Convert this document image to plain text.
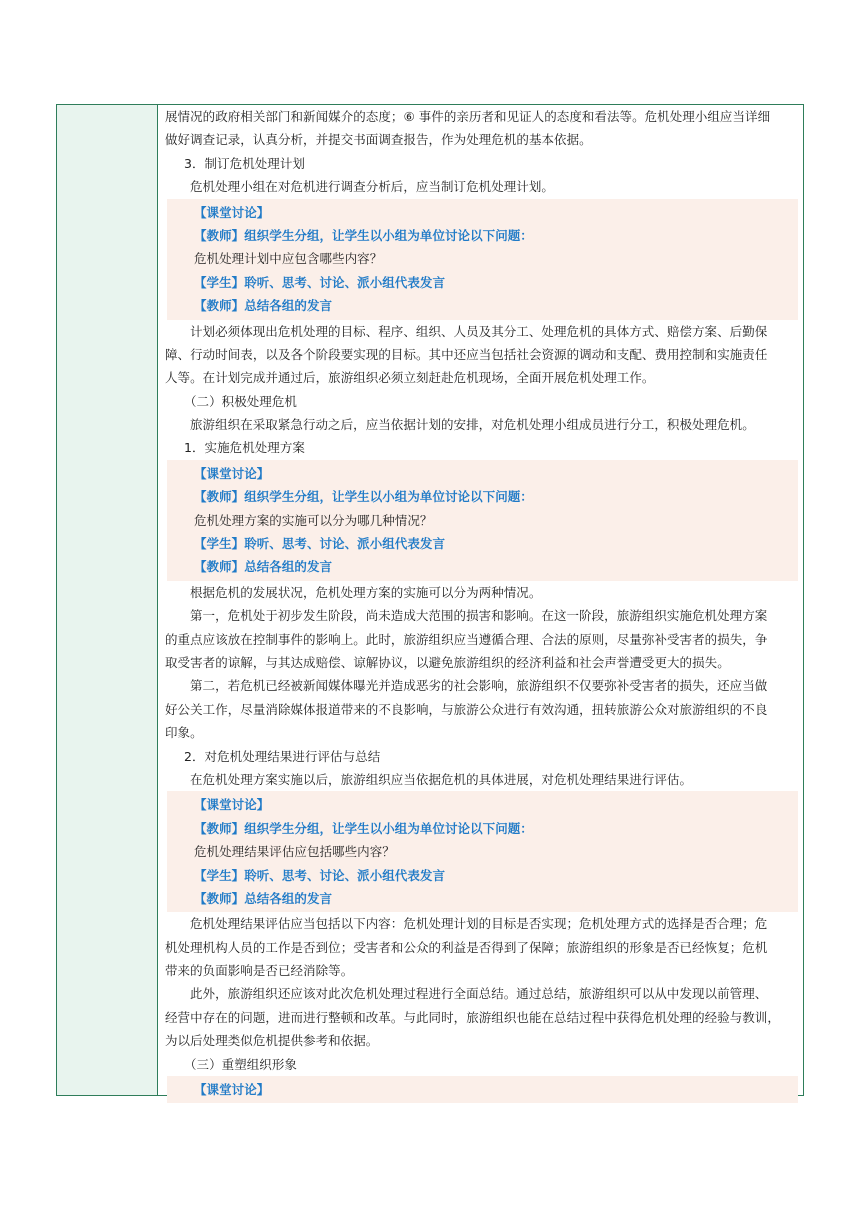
展情况的政府相关部门和新闻媒介的态度；⑥ 事件的亲历者和见证人的态度和看法等。危机处理小组应当详细
做好调查记录，认真分析，并提交书面调查报告，作为处理危机的基本依据。
3．制订危机处理计划
危机处理小组在对危机进行调查分析后，应当制订危机处理计划。
【课堂讨论】
【教师】组织学生分组，让学生以小组为单位讨论以下问题：
危机处理计划中应包含哪些内容？
【学生】聆听、思考、讨论、派小组代表发言
【教师】总结各组的发言
计划必须体现出危机处理的目标、程序、组织、人员及其分工、处理危机的具体方式、赔偿方案、后勤保
障、行动时间表，以及各个阶段要实现的目标。其中还应当包括社会资源的调动和支配、费用控制和实施责任
人等。在计划完成并通过后，旅游组织必须立刻赶赴危机现场，全面开展危机处理工作。
（二）积极处理危机
旅游组织在采取紧急行动之后，应当依据计划的安排，对危机处理小组成员进行分工，积极处理危机。
1．实施危机处理方案
【课堂讨论】
【教师】组织学生分组，让学生以小组为单位讨论以下问题：
危机处理方案的实施可以分为哪几种情况？
【学生】聆听、思考、讨论、派小组代表发言
【教师】总结各组的发言
根据危机的发展状况，危机处理方案的实施可以分为两种情况。
第一，危机处于初步发生阶段，尚未造成大范围的损害和影响。在这一阶段，旅游组织实施危机处理方案
的重点应该放在控制事件的影响上。此时，旅游组织应当遵循合理、合法的原则，尽量弥补受害者的损失，争
取受害者的谅解，与其达成赔偿、谅解协议，以避免旅游组织的经济利益和社会声誉遭受更大的损失。
第二，若危机已经被新闻媒体曝光并造成恶劣的社会影响，旅游组织不仅要弥补受害者的损失，还应当做
好公关工作，尽量消除媒体报道带来的不良影响，与旅游公众进行有效沟通，扭转旅游公众对旅游组织的不良
印象。
2．对危机处理结果进行评估与总结
在危机处理方案实施以后，旅游组织应当依据危机的具体进展，对危机处理结果进行评估。
【课堂讨论】
【教师】组织学生分组，让学生以小组为单位讨论以下问题：
危机处理结果评估应包括哪些内容？
【学生】聆听、思考、讨论、派小组代表发言
【教师】总结各组的发言
危机处理结果评估应当包括以下内容：危机处理计划的目标是否实现；危机处理方式的选择是否合理；危
机处理机构人员的工作是否到位；受害者和公众的利益是否得到了保障；旅游组织的形象是否已经恢复；危机
带来的负面影响是否已经消除等。
此外，旅游组织还应该对此次危机处理过程进行全面总结。通过总结，旅游组织可以从中发现以前管理、
经营中存在的问题，进而进行整顿和改革。与此同时，旅游组织也能在总结过程中获得危机处理的经验与教训，
为以后处理类似危机提供参考和依据。
（三）重塑组织形象
【课堂讨论】
